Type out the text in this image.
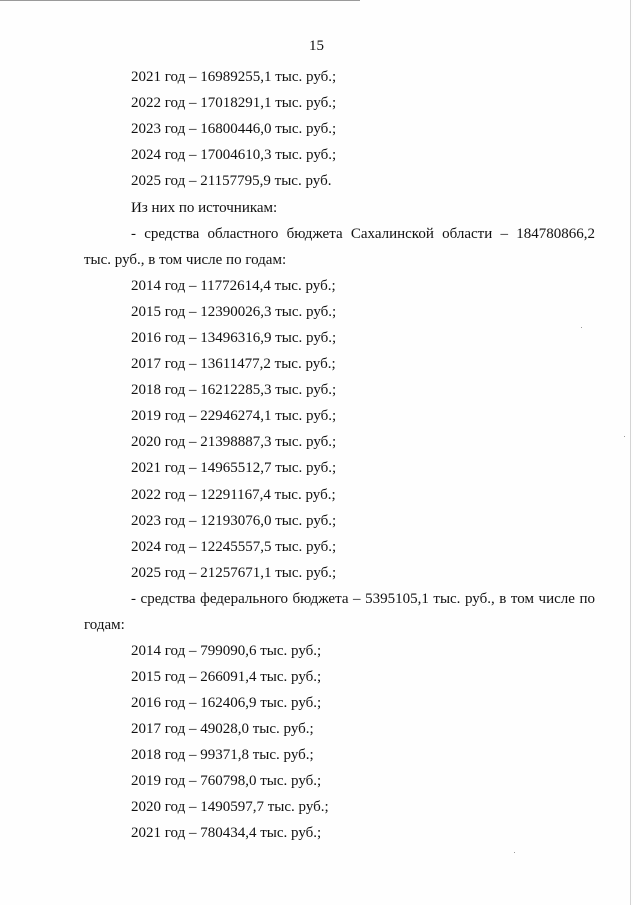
15
2021 год – 16989255,1 тыс. руб.;
2022 год – 17018291,1 тыс. руб.;
2023 год – 16800446,0 тыс. руб.;
2024 год – 17004610,3 тыс. руб.;
2025 год – 21157795,9 тыс. руб.
Из них по источникам:
- средства областного бюджета Сахалинской области – 184780866,2
тыс. руб., в том числе по годам:
2014 год – 11772614,4 тыс. руб.;
2015 год – 12390026,3 тыс. руб.;
2016 год – 13496316,9 тыс. руб.;
2017 год – 13611477,2 тыс. руб.;
2018 год – 16212285,3 тыс. руб.;
2019 год – 22946274,1 тыс. руб.;
2020 год – 21398887,3 тыс. руб.;
2021 год – 14965512,7 тыс. руб.;
2022 год – 12291167,4 тыс. руб.;
2023 год – 12193076,0 тыс. руб.;
2024 год – 12245557,5 тыс. руб.;
2025 год – 21257671,1 тыс. руб.;
- средства федерального бюджета – 5395105,1 тыс. руб., в том числе по
годам:
2014 год – 799090,6 тыс. руб.;
2015 год – 266091,4 тыс. руб.;
2016 год – 162406,9 тыс. руб.;
2017 год – 49028,0 тыс. руб.;
2018 год – 99371,8 тыс. руб.;
2019 год – 760798,0 тыс. руб.;
2020 год – 1490597,7 тыс. руб.;
2021 год – 780434,4 тыс. руб.;
